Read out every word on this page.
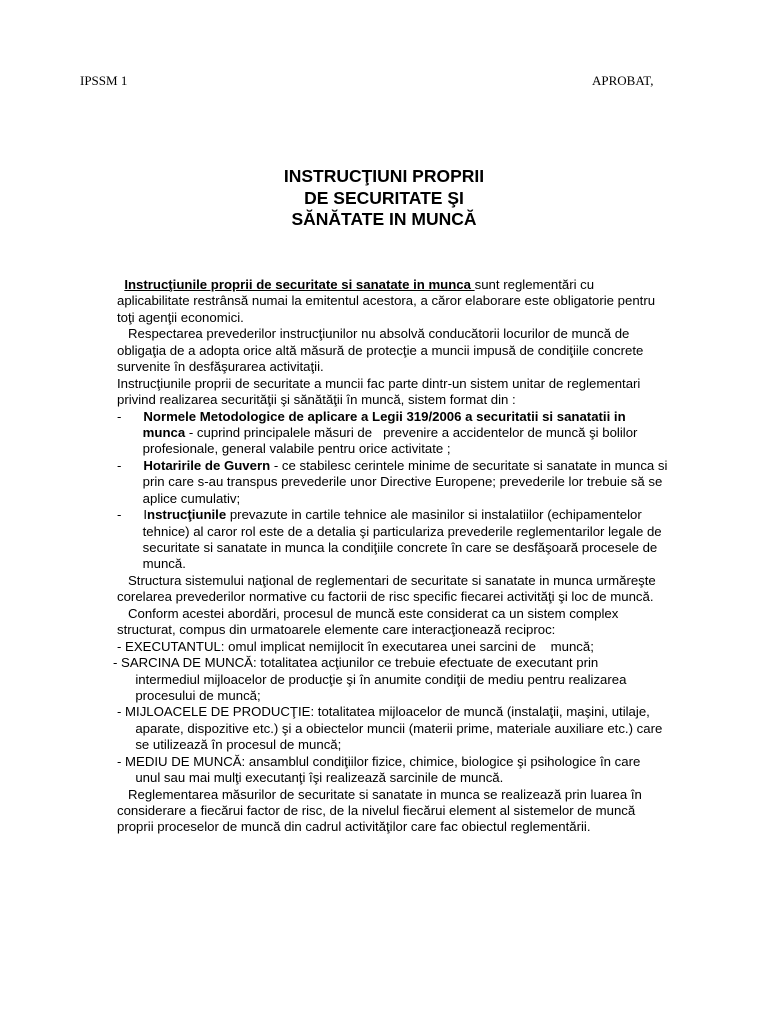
IPSSM 1	APROBAT,
INSTRUCŢIUNI PROPRII
DE SECURITATE ŞI
SĂNĂTATE IN MUNCĂ
Instrucţiunile proprii de securitate si sanatate in munca sunt reglementări cu
aplicabilitate restrânsă numai la emitentul acestora, a căror elaborare este obligatorie pentru
toţi agenţii economici.
Respectarea prevederilor instrucţiunilor nu absolvă conducătorii locurilor de muncă de
obligaţia de a adopta orice altă măsură de protecţie a muncii impusă de condiţiile concrete
survenite în desfăşurarea activitaţii.
Instrucţiunile proprii de securitate a muncii fac parte dintr-un sistem unitar de reglementari
privind realizarea securităţii şi sănătăţii în muncă, sistem format din :
-      Normele Metodologice de aplicare a Legii 319/2006 a securitatii si sanatatii in
munca - cuprind principalele măsuri de   prevenire a accidentelor de muncă şi bolilor
profesionale, general valabile pentru orice activitate ;
-      Hotaririle de Guvern - ce stabilesc cerintele minime de securitate si sanatate in munca si
prin care s-au transpus prevederile unor Directive Europene; prevederile lor trebuie să se
aplice cumulativ;
-      Instrucţiunile prevazute in cartile tehnice ale masinilor si instalatiilor (echipamentelor
tehnice) al caror rol este de a detalia şi particulariza prevederile reglementarilor legale de
securitate si sanatate in munca la condiţiile concrete în care se desfăşoară procesele de
muncă.
Structura sistemului naţional de reglementari de securitate si sanatate in munca urmăreşte
corelarea prevederilor normative cu factorii de risc specific fiecarei activităţi şi loc de muncă.
Conform acestei abordări, procesul de muncă este considerat ca un sistem complex
structurat, compus din urmatoarele elemente care interacţionează reciproc:
- EXECUTANTUL: omul implicat nemijlocit în executarea unei sarcini de    muncă;
- SARCINA DE MUNCĂ: totalitatea acţiunilor ce trebuie efectuate de executant prin
intermediul mijloacelor de producţie şi în anumite condiţii de mediu pentru realizarea
procesului de muncă;
- MIJLOACELE DE PRODUCŢIE: totalitatea mijloacelor de muncă (instalaţii, maşini, utilaje,
aparate, dispozitive etc.) şi a obiectelor muncii (materii prime, materiale auxiliare etc.) care
se utilizează în procesul de muncă;
- MEDIU DE MUNCĂ: ansamblul condiţiilor fizice, chimice, biologice şi psihologice în care
unul sau mai mulţi executanţi îşi realizează sarcinile de muncă.
Reglementarea măsurilor de securitate si sanatate in munca se realizează prin luarea în
considerare a fiecărui factor de risc, de la nivelul fiecărui element al sistemelor de muncă
proprii proceselor de muncă din cadrul activităţilor care fac obiectul reglementării.
